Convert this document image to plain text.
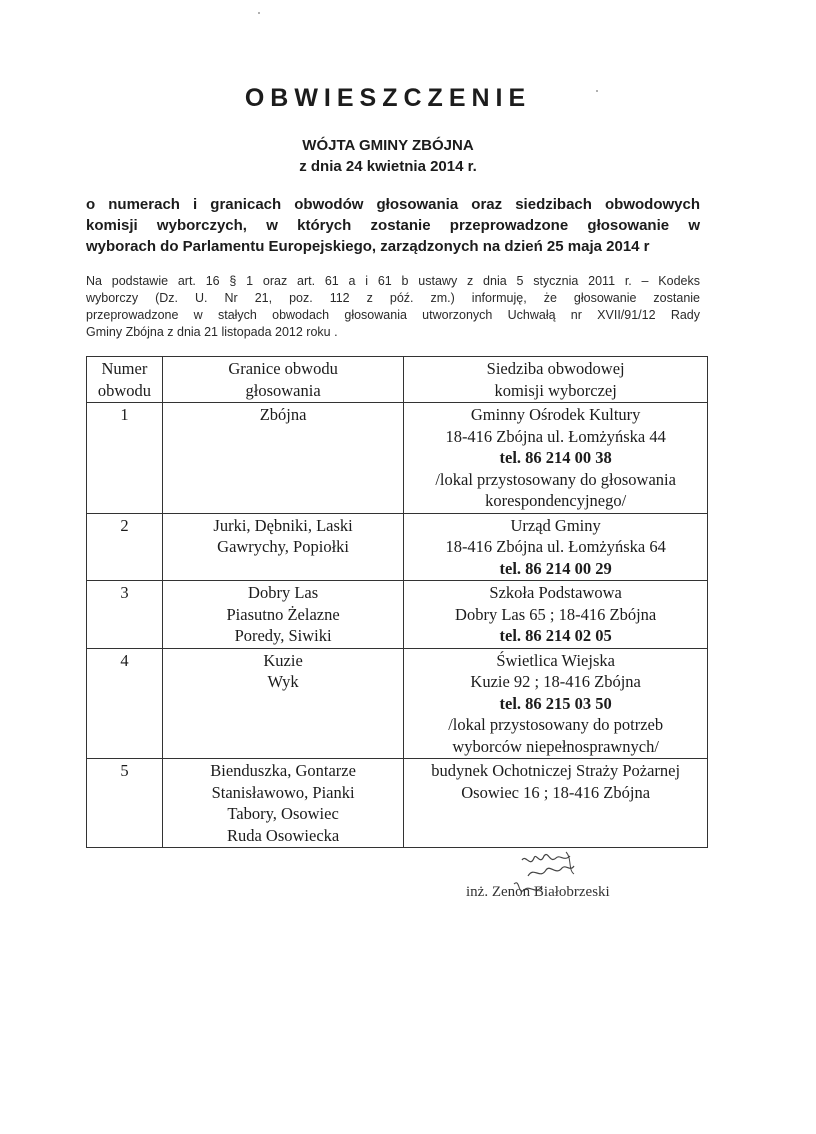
OBWIESZCZENIE
WÓJTA GMINY ZBÓJNA
z dnia 24 kwietnia 2014 r.
o numerach i granicach obwodów głosowania oraz siedzibach obwodowych
komisji wyborczych, w których zostanie przeprowadzone głosowanie w
wyborach do Parlamentu Europejskiego, zarządzonych na dzień 25 maja 2014 r
Na podstawie art. 16 § 1 oraz art. 61 a i 61 b ustawy z dnia 5 stycznia 2011 r. – Kodeks
wyborczy (Dz. U. Nr 21, poz. 112 z póź. zm.) informuję, że głosowanie zostanie
przeprowadzone w stałych obwodach głosowania utworzonych Uchwałą nr XVII/91/12 Rady
Gminy Zbójna z dnia 21 listopada 2012 roku .
Numer
obwodu	Granice obwodu
głosowania	Siedziba obwodowej
komisji wyborczej

1	Zbójna	Gminny Ośrodek Kultury
18-416 Zbójna ul. Łomżyńska 44
tel. 86 214 00 38
/lokal przystosowany do głosowania
korespondencyjnego/

2	Jurki, Dębniki, Laski
Gawrychy, Popiołki	Urząd Gminy
18-416 Zbójna ul. Łomżyńska 64
tel. 86 214 00 29

3	Dobry Las
Piasutno Żelazne
Poredy, Siwiki	Szkoła Podstawowa
Dobry Las 65 ; 18-416 Zbójna
tel. 86 214 02 05

4	Kuzie
Wyk	Świetlica Wiejska
Kuzie 92 ; 18-416 Zbójna
tel. 86 215 03 50
/lokal przystosowany do potrzeb
wyborców niepełnosprawnych/

5	Bienduszka, Gontarze
Stanisławowo, Pianki
Tabory, Osowiec
Ruda Osowiecka	budynek Ochotniczej Straży Pożarnej
Osowiec 16 ; 18-416 Zbójna
inż. Zenon Białobrzeski
